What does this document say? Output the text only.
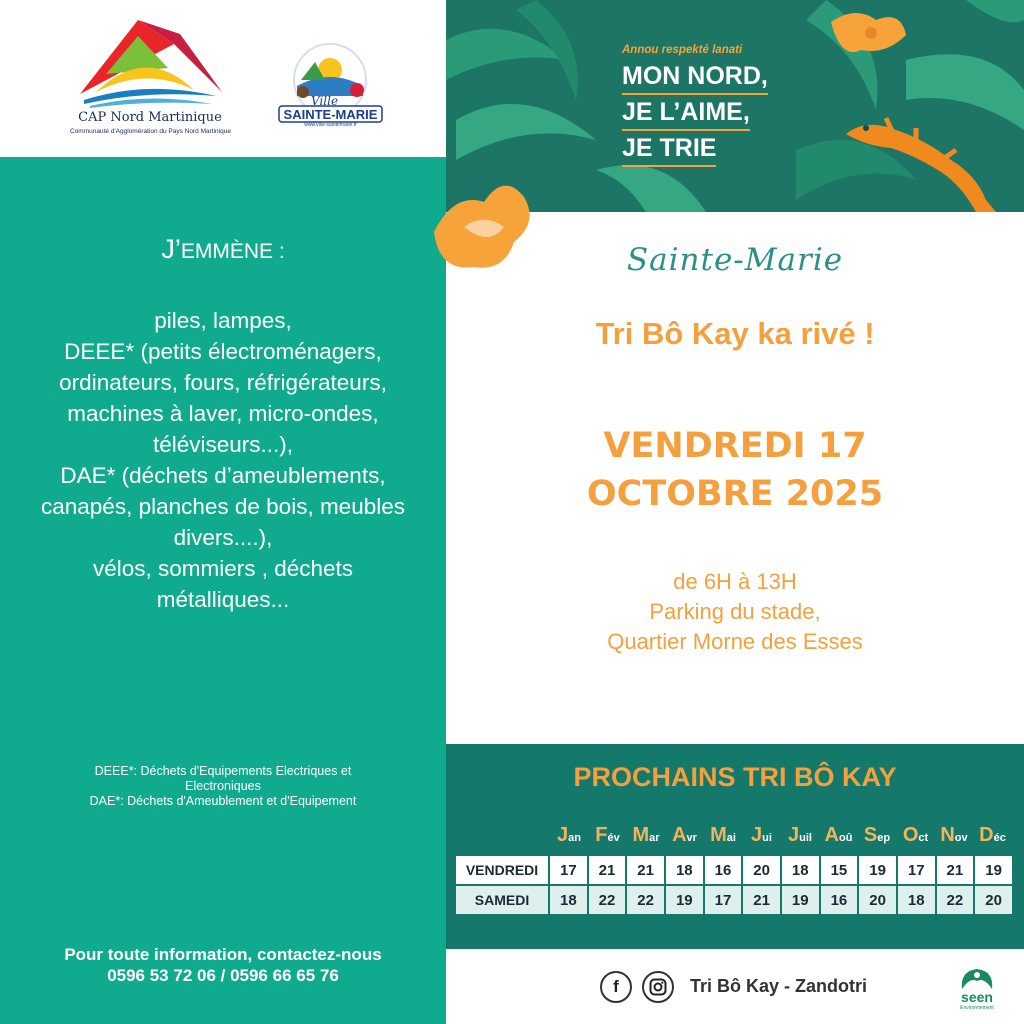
CAP Nord Martinique
Communauté d'Agglomération du Pays Nord Martinique
Ville
SAINTE-MARIE
www.ville-saintemarie.fr
J’EMMÈNE :

piles, lampes,

DEEE* (petits électroménagers, ordinateurs, fours, réfrigérateurs, machines à laver, micro-ondes, téléviseurs...),

DAE* (déchets d’ameublements, canapés, planches de bois, meubles divers....),

vélos, sommiers , déchets métalliques...

DEEE*: Déchets d'Equipements Electriques et Electroniques
DAE*: Déchets d'Ameublement et d'Equipement
Pour toute information, contactez-nous
0596 53 72 06 / 0596 66 65 76
Annou respekté lanati
MON NORD,
JE L’AIME,
JE TRIE
Sainte-Marie
Tri Bô Kay ka rivé !
VENDREDI 17
OCTOBRE 2025
de 6H à 13H
Parking du stade,
Quartier Morne des Esses
PROCHAINS TRI BÔ KAY
Jan Fév Mar Avr Mai Jui Juil Aoû Sep Oct Nov Déc
VENDREDI	17	21	21	18	16	20	18	15	19	17	21	19
SAMEDI	18	22	22	19	17	21	19	16	20	18	22	20
f	Tri Bô Kay - Zandotri
seen
Environnement
